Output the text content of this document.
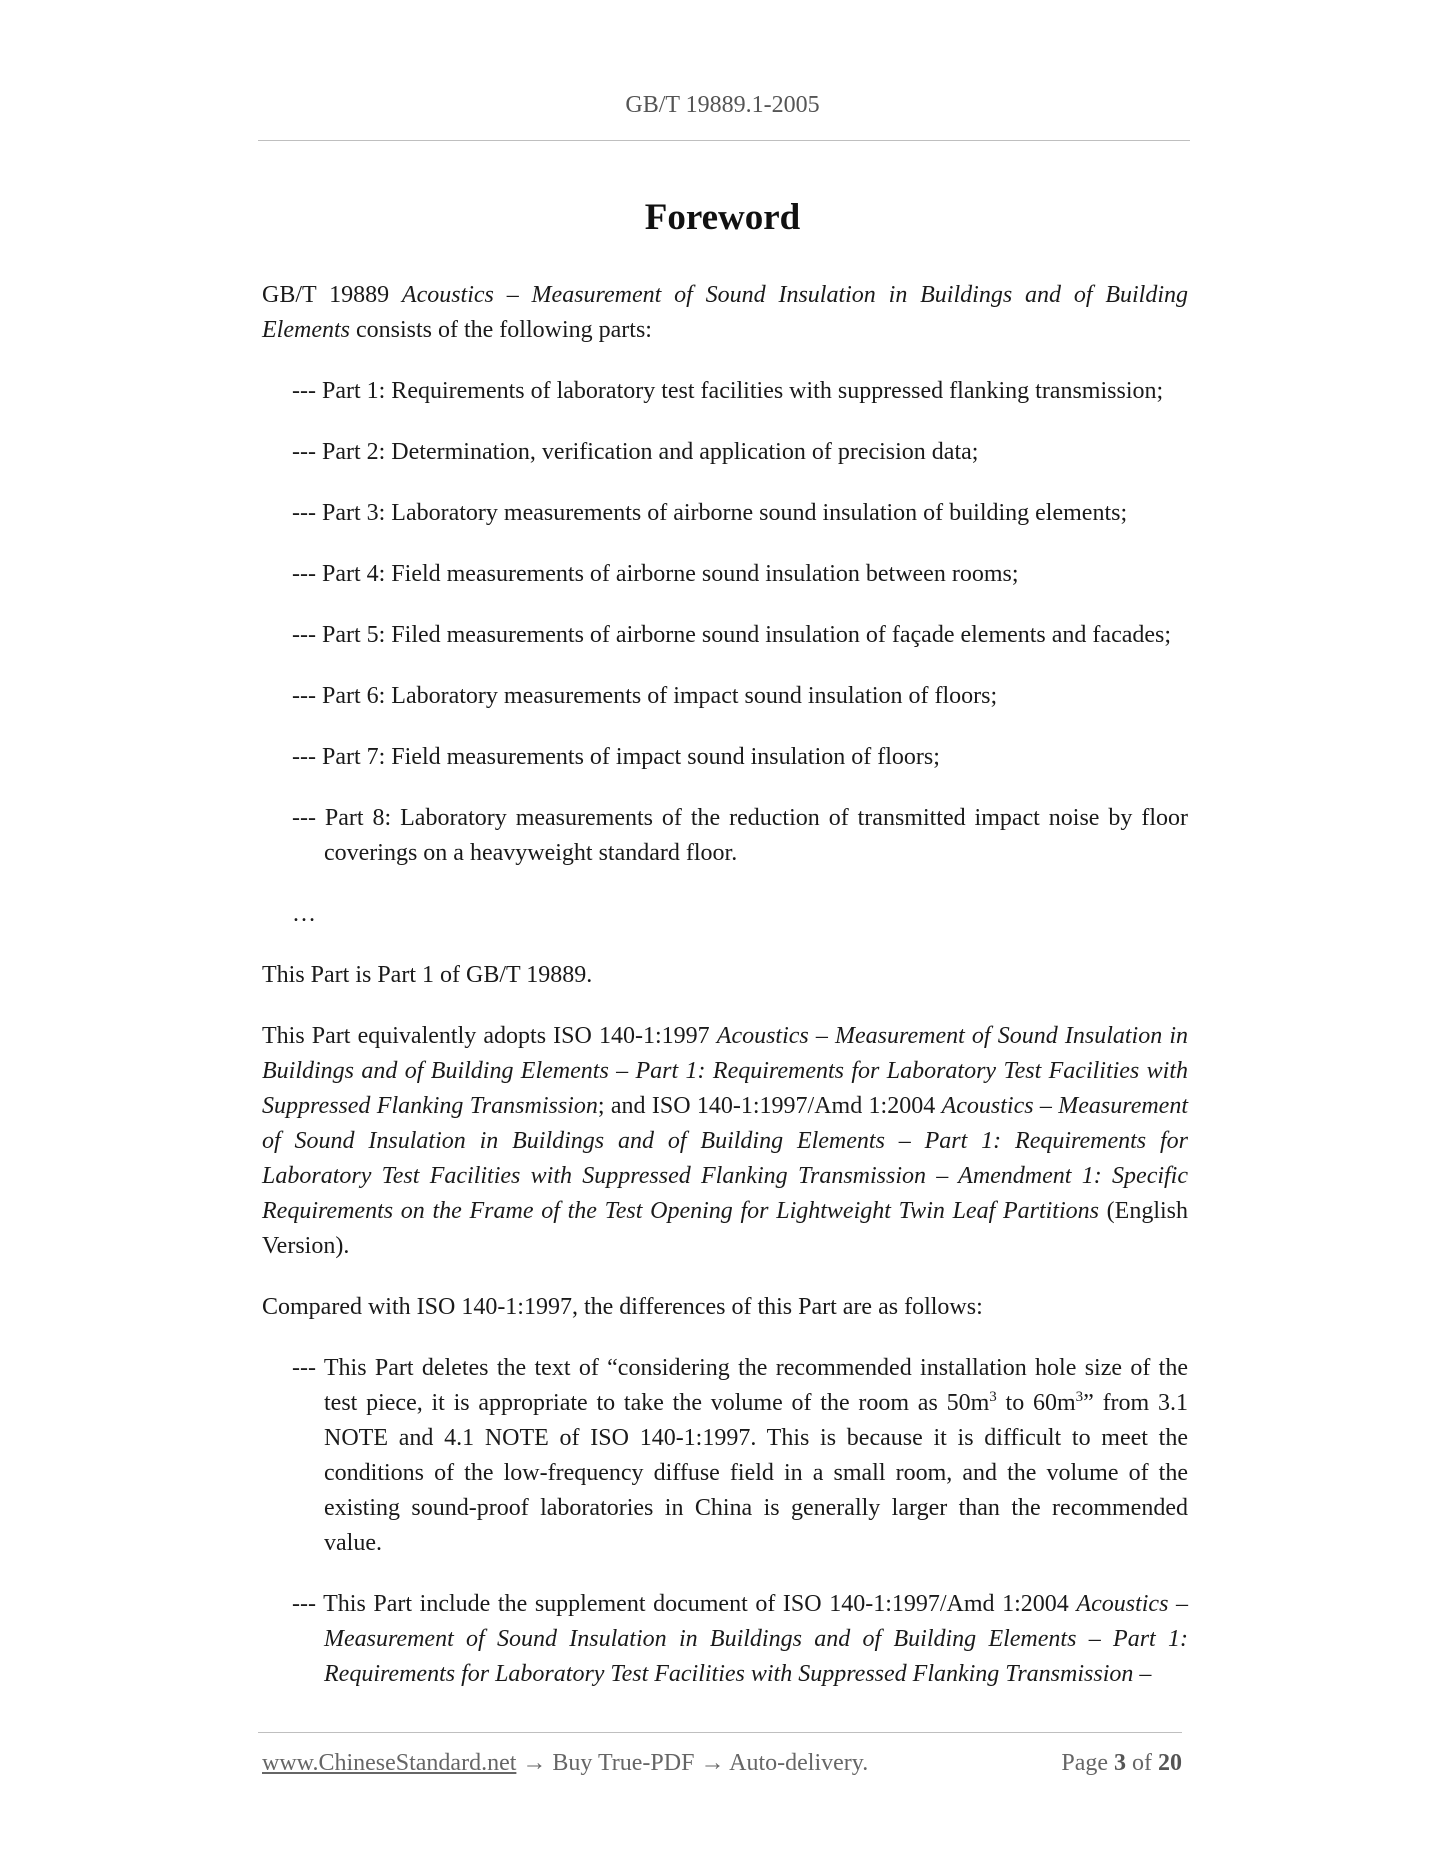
GB/T 19889.1-2005
Foreword

GB/T 19889 Acoustics – Measurement of Sound Insulation in Buildings and of Building Elements consists of the following parts:

--- Part 1: Requirements of laboratory test facilities with suppressed flanking transmission;

--- Part 2: Determination, verification and application of precision data;

--- Part 3: Laboratory measurements of airborne sound insulation of building elements;

--- Part 4: Field measurements of airborne sound insulation between rooms;

--- Part 5: Filed measurements of airborne sound insulation of façade elements and facades;

--- Part 6: Laboratory measurements of impact sound insulation of floors;

--- Part 7: Field measurements of impact sound insulation of floors;

--- Part 8: Laboratory measurements of the reduction of transmitted impact noise by floor coverings on a heavyweight standard floor.

…

This Part is Part 1 of GB/T 19889.

This Part equivalently adopts ISO 140-1:1997 Acoustics – Measurement of Sound Insulation in Buildings and of Building Elements – Part 1: Requirements for Laboratory Test Facilities with Suppressed Flanking Transmission; and ISO 140-1:1997/Amd 1:2004 Acoustics – Measurement of Sound Insulation in Buildings and of Building Elements – Part 1: Requirements for Laboratory Test Facilities with Suppressed Flanking Transmission – Amendment 1: Specific Requirements on the Frame of the Test Opening for Lightweight Twin Leaf Partitions (English Version).

Compared with ISO 140-1:1997, the differences of this Part are as follows:

--- This Part deletes the text of “considering the recommended installation hole size of the test piece, it is appropriate to take the volume of the room as $50m^3$ to $60m^3$” from 3.1 NOTE and 4.1 NOTE of ISO 140-1:1997. This is because it is difficult to meet the conditions of the low-frequency diffuse field in a small room, and the volume of the existing sound-proof laboratories in China is generally larger than the recommended value.

--- This Part include the supplement document of ISO 140-1:1997/Amd 1:2004 Acoustics – Measurement of Sound Insulation in Buildings and of Building Elements – Part 1: Requirements for Laboratory Test Facilities with Suppressed Flanking Transmission –

www.ChineseStandard.net → Buy True-PDF → Auto-delivery.	Page 3 of 20
